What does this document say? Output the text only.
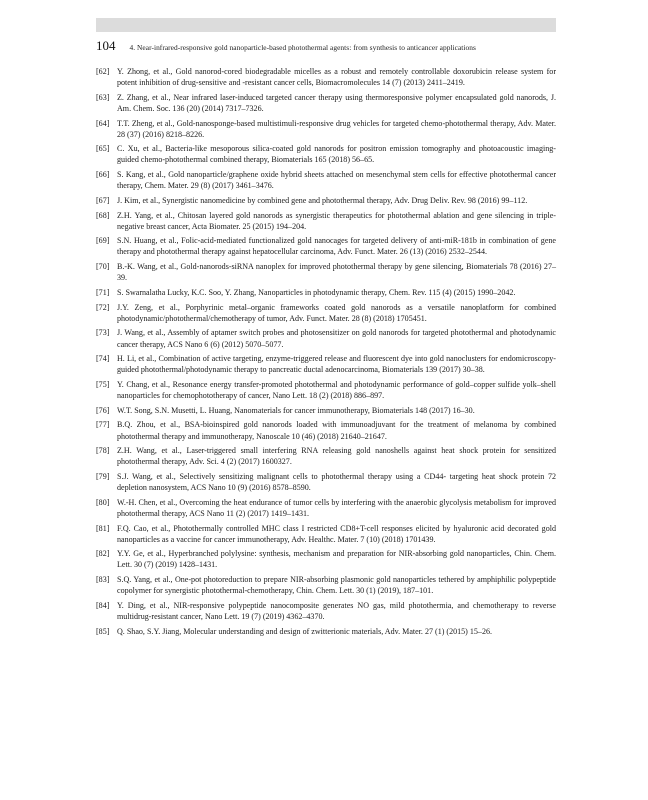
104 4. Near-infrared-responsive gold nanoparticle-based photothermal agents: from synthesis to anticancer applications
[62] Y. Zhong, et al., Gold nanorod-cored biodegradable micelles as a robust and remotely controllable doxorubicin release system for potent inhibition of drug-sensitive and -resistant cancer cells, Biomacromolecules 14 (7) (2013) 2411–2419.
[63] Z. Zhang, et al., Near infrared laser-induced targeted cancer therapy using thermoresponsive polymer encapsulated gold nanorods, J. Am. Chem. Soc. 136 (20) (2014) 7317–7326.
[64] T.T. Zheng, et al., Gold-nanosponge-based multistimuli-responsive drug vehicles for targeted chemo-photothermal therapy, Adv. Mater. 28 (37) (2016) 8218–8226.
[65] C. Xu, et al., Bacteria-like mesoporous silica-coated gold nanorods for positron emission tomography and photoacoustic imaging-guided chemo-photothermal combined therapy, Biomaterials 165 (2018) 56–65.
[66] S. Kang, et al., Gold nanoparticle/graphene oxide hybrid sheets attached on mesenchymal stem cells for effective photothermal cancer therapy, Chem. Mater. 29 (8) (2017) 3461–3476.
[67] J. Kim, et al., Synergistic nanomedicine by combined gene and photothermal therapy, Adv. Drug Deliv. Rev. 98 (2016) 99–112.
[68] Z.H. Yang, et al., Chitosan layered gold nanorods as synergistic therapeutics for photothermal ablation and gene silencing in triple-negative breast cancer, Acta Biomater. 25 (2015) 194–204.
[69] S.N. Huang, et al., Folic-acid-mediated functionalized gold nanocages for targeted delivery of anti-miR-181b in combination of gene therapy and photothermal therapy against hepatocellular carcinoma, Adv. Funct. Mater. 26 (13) (2016) 2532–2544.
[70] B.-K. Wang, et al., Gold-nanorods-siRNA nanoplex for improved photothermal therapy by gene silencing, Biomaterials 78 (2016) 27–39.
[71] S. Swarnalatha Lucky, K.C. Soo, Y. Zhang, Nanoparticles in photodynamic therapy, Chem. Rev. 115 (4) (2015) 1990–2042.
[72] J.Y. Zeng, et al., Porphyrinic metal–organic frameworks coated gold nanorods as a versatile nanoplatform for combined photodynamic/photothermal/chemotherapy of tumor, Adv. Funct. Mater. 28 (8) (2018) 1705451.
[73] J. Wang, et al., Assembly of aptamer switch probes and photosensitizer on gold nanorods for targeted photothermal and photodynamic cancer therapy, ACS Nano 6 (6) (2012) 5070–5077.
[74] H. Li, et al., Combination of active targeting, enzyme-triggered release and fluorescent dye into gold nanoclusters for endomicroscopy-guided photothermal/photodynamic therapy to pancreatic ductal adenocarcinoma, Biomaterials 139 (2017) 30–38.
[75] Y. Chang, et al., Resonance energy transfer-promoted photothermal and photodynamic performance of gold–copper sulfide yolk–shell nanoparticles for chemophototherapy of cancer, Nano Lett. 18 (2) (2018) 886–897.
[76] W.T. Song, S.N. Musetti, L. Huang, Nanomaterials for cancer immunotherapy, Biomaterials 148 (2017) 16–30.
[77] B.Q. Zhou, et al., BSA-bioinspired gold nanorods loaded with immunoadjuvant for the treatment of melanoma by combined photothermal therapy and immunotherapy, Nanoscale 10 (46) (2018) 21640–21647.
[78] Z.H. Wang, et al., Laser-triggered small interfering RNA releasing gold nanoshells against heat shock protein for sensitized photothermal therapy, Adv. Sci. 4 (2) (2017) 1600327.
[79] S.J. Wang, et al., Selectively sensitizing malignant cells to photothermal therapy using a CD44- targeting heat shock protein 72 depletion nanosystem, ACS Nano 10 (9) (2016) 8578–8590.
[80] W.-H. Chen, et al., Overcoming the heat endurance of tumor cells by interfering with the anaerobic glycolysis metabolism for improved photothermal therapy, ACS Nano 11 (2) (2017) 1419–1431.
[81] F.Q. Cao, et al., Photothermally controlled MHC class I restricted CD8+T-cell responses elicited by hyaluronic acid decorated gold nanoparticles as a vaccine for cancer immunotherapy, Adv. Healthc. Mater. 7 (10) (2018) 1701439.
[82] Y.Y. Ge, et al., Hyperbranched polylysine: synthesis, mechanism and preparation for NIR-absorbing gold nanoparticles, Chin. Chem. Lett. 30 (7) (2019) 1428–1431.
[83] S.Q. Yang, et al., One-pot photoreduction to prepare NIR-absorbing plasmonic gold nanoparticles tethered by amphiphilic polypeptide copolymer for synergistic photothermal-chemotherapy, Chin. Chem. Lett. 30 (1) (2019), 187–101.
[84] Y. Ding, et al., NIR-responsive polypeptide nanocomposite generates NO gas, mild photothermia, and chemotherapy to reverse multidrug-resistant cancer, Nano Lett. 19 (7) (2019) 4362–4370.
[85] Q. Shao, S.Y. Jiang, Molecular understanding and design of zwitterionic materials, Adv. Mater. 27 (1) (2015) 15–26.
